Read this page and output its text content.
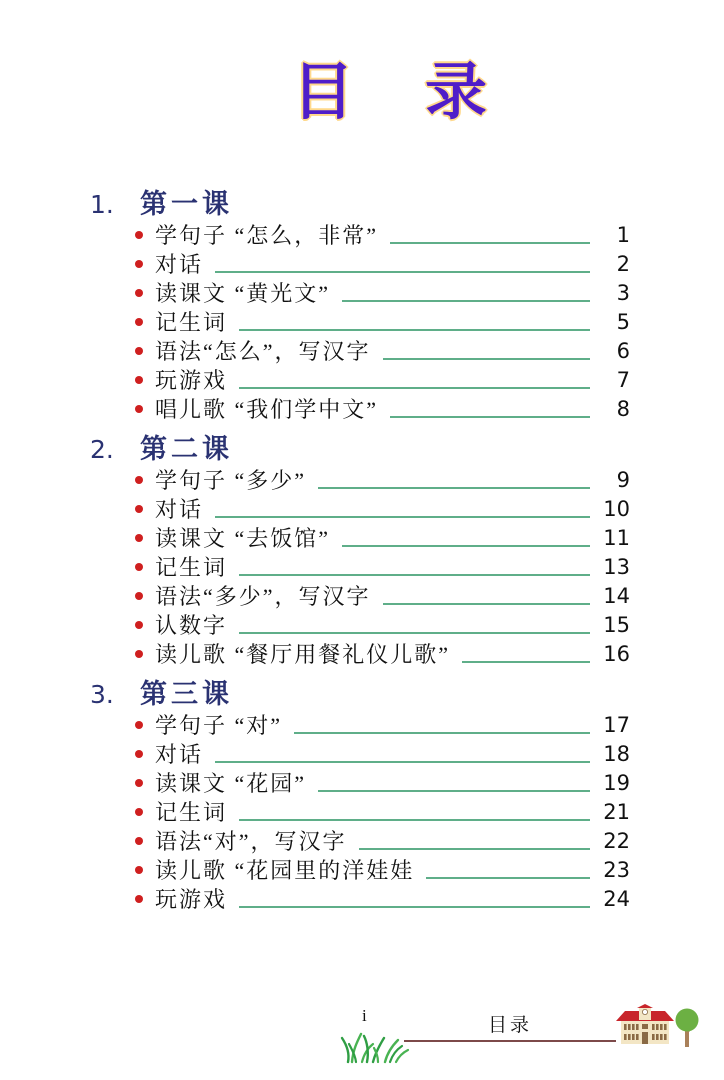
目  录
1. 第一课
学句子 “怎么，非常”	1
对话	2
读课文 “黄光文”	3
记生词	5
语法“怎么”，写汉字	6
玩游戏	7
唱儿歌 “我们学中文”	8
2. 第二课
学句子 “多少”	9
对话	10
读课文 “去饭馆”	11
记生词	13
语法“多少”，写汉字	14
认数字	15
读儿歌 “餐厅用餐礼仪儿歌”	16
3. 第三课
学句子 “对”	17
对话	18
读课文 “花园”	19
记生词	21
语法“对”，写汉字	22
读儿歌 “花园里的洋娃娃	23
玩游戏	24
i	目录
